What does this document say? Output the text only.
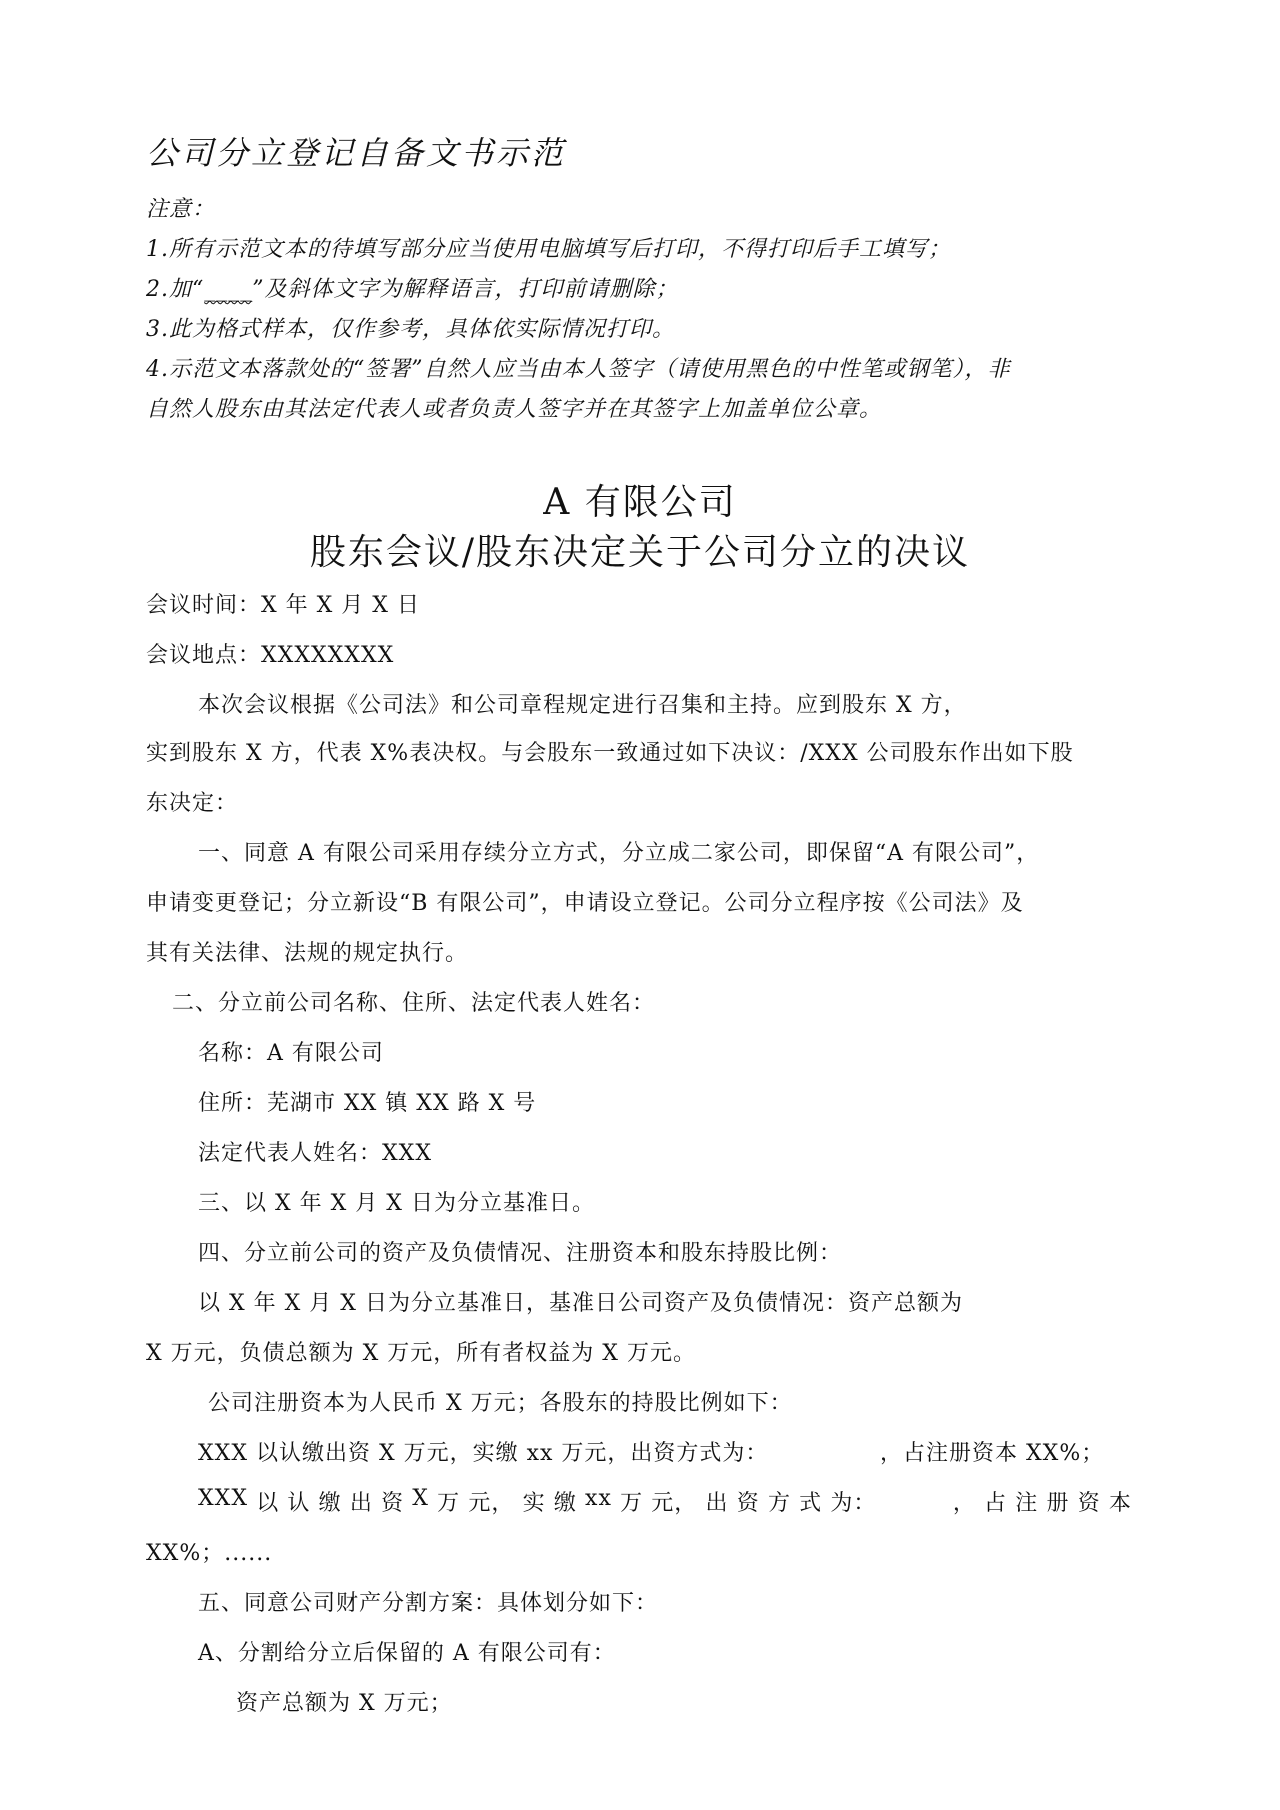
公司分立登记自备文书示范
注意：
1.所有示范文本的待填写部分应当使用电脑填写后打印，不得打印后手工填写；
2.加“____”及斜体文字为解释语言，打印前请删除；
3.此为格式样本，仅作参考，具体依实际情况打印。
4.示范文本落款处的“签署”自然人应当由本人签字（请使用黑色的中性笔或钢笔），非
自然人股东由其法定代表人或者负责人签字并在其签字上加盖单位公章。
A 有限公司
股东会议/股东决定关于公司分立的决议
会议时间：X 年 X 月 X 日
会议地点：XXXXXXXX
本次会议根据《公司法》和公司章程规定进行召集和主持。应到股东 X 方，
实到股东 X 方，代表 X%表决权。与会股东一致通过如下决议：/XXX 公司股东作出如下股
东决定：
一、同意 A 有限公司采用存续分立方式，分立成二家公司，即保留“A 有限公司”，
申请变更登记；分立新设“B 有限公司”，申请设立登记。公司分立程序按《公司法》及
其有关法律、法规的规定执行。
二、分立前公司名称、住所、法定代表人姓名：
名称：A 有限公司
住所：芜湖市 XX 镇 XX 路 X 号
法定代表人姓名：XXX
三、以 X 年 X 月 X 日为分立基准日。
四、分立前公司的资产及负债情况、注册资本和股东持股比例：
以 X 年 X 月 X 日为分立基准日，基准日公司资产及负债情况：资产总额为
X 万元，负债总额为 X 万元，所有者权益为 X 万元。
公司注册资本为人民币 X 万元；各股东的持股比例如下：
XXX 以认缴出资 X 万元，实缴 xx 万元，出资方式为：	，占注册资本 XX%；
XXX 以 认 缴 出 资 X 万 元， 实 缴 xx 万 元， 出 资 方 式 为：	， 占 注 册 资 本
XX%；......
五、同意公司财产分割方案：具体划分如下：
A、分割给分立后保留的 A 有限公司有：
资产总额为 X 万元；
